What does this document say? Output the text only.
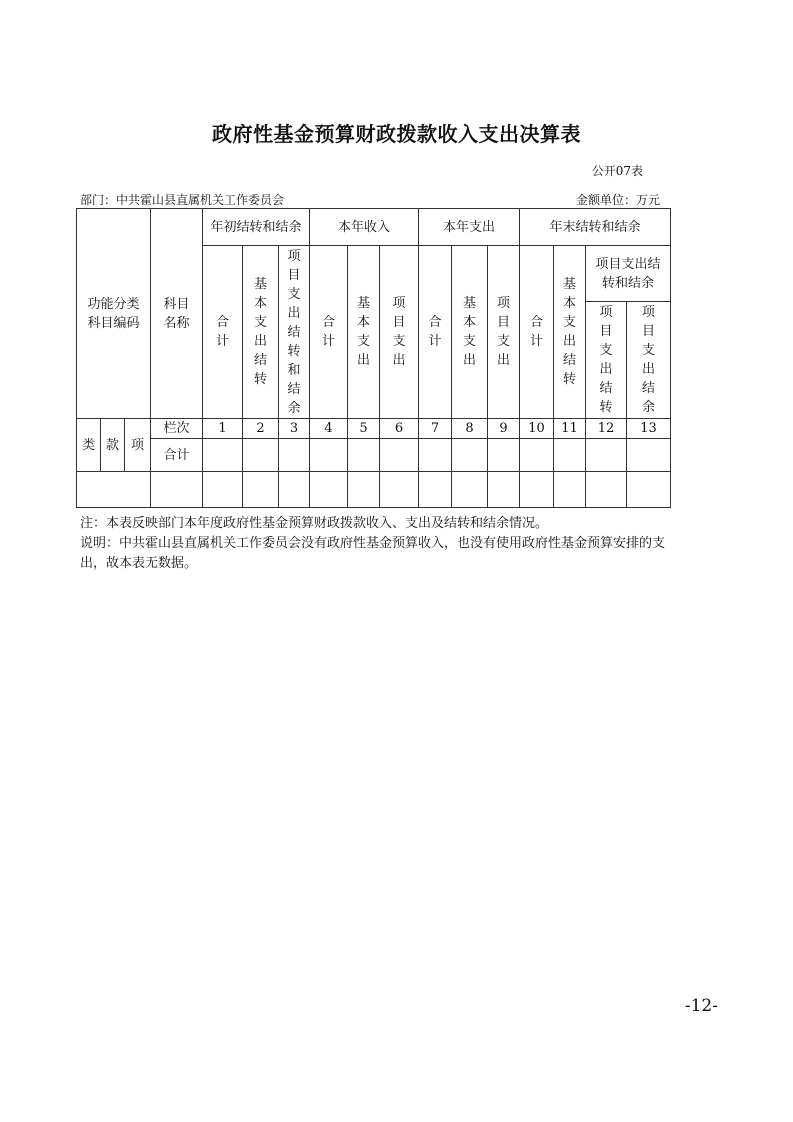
政府性基金预算财政拨款收入支出决算表
公开07表
部门：中共霍山县直属机关工作委员会	金额单位：万元
功能分类科目编码			科目名称	年初结转和结余			本年收入			本年支出			年末结转和结余			
				合计	基本支出结转	项目支出结转和结余	合计	基本支出	项目支出	合计	基本支出	项目支出	合计	基本支出结转	项目支出结转和结余	
															项目支出结转	项目支出结余
类	款	项	栏次	1	2	3	4	5	6	7	8	9	10	11	12	13
			合计													

注：本表反映部门本年度政府性基金预算财政拨款收入、支出及结转和结余情况。

说明：中共霍山县直属机关工作委员会没有政府性基金预算收入，也没有使用政府性基金预算安排的支出，故本表无数据。

-12-
